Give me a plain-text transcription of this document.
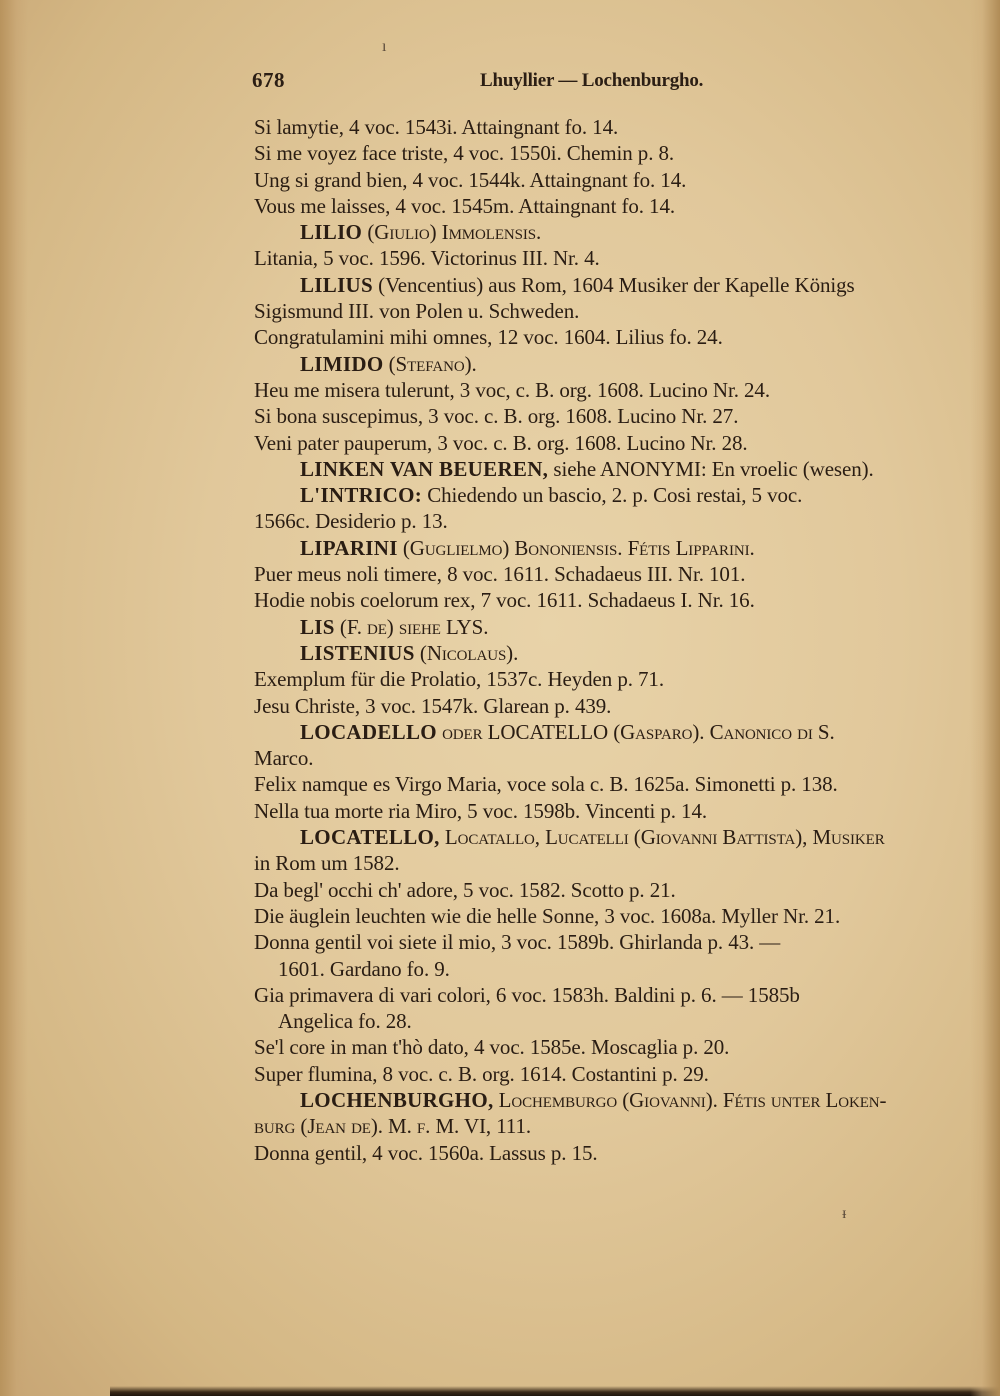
ı
678	Lhuyllier — Lochenburgho.
Si lamytie, 4 voc. 1543i. Attaingnant fo. 14.
Si me voyez face triste, 4 voc. 1550i. Chemin p. 8.
Ung si grand bien, 4 voc. 1544k. Attaingnant fo. 14.
Vous me laisses, 4 voc. 1545m. Attaingnant fo. 14.
LILIO (Giulio) Immolensis.
Litania, 5 voc. 1596. Victorinus III. Nr. 4.
LILIUS (Vencentius) aus Rom, 1604 Musiker der Kapelle Königs
Sigismund III. von Polen u. Schweden.
Congratulamini mihi omnes, 12 voc. 1604. Lilius fo. 24.
LIMIDO (Stefano).
Heu me misera tulerunt, 3 voc, c. B. org. 1608. Lucino Nr. 24.
Si bona suscepimus, 3 voc. c. B. org. 1608. Lucino Nr. 27.
Veni pater pauperum, 3 voc. c. B. org. 1608. Lucino Nr. 28.
LINKEN VAN BEUEREN, siehe ANONYMI: En vroelic (wesen).
L'INTRICO: Chiedendo un bascio, 2. p. Cosi restai, 5 voc.
1566c. Desiderio p. 13.
LIPARINI (Guglielmo) Bononiensis. Fétis Lipparini.
Puer meus noli timere, 8 voc. 1611. Schadaeus III. Nr. 101.
Hodie nobis coelorum rex, 7 voc. 1611. Schadaeus I. Nr. 16.
LIS (F. de) siehe LYS.
LISTENIUS (Nicolaus).
Exemplum für die Prolatio, 1537c. Heyden p. 71.
Jesu Christe, 3 voc. 1547k. Glarean p. 439.
LOCADELLO oder LOCATELLO (Gasparo). Canonico di S.
Marco.
Felix namque es Virgo Maria, voce sola c. B. 1625a. Simonetti p. 138.
Nella tua morte ria Miro, 5 voc. 1598b. Vincenti p. 14.
LOCATELLO, Locatallo, Lucatelli (Giovanni Battista), Musiker
in Rom um 1582.
Da begl' occhi ch' adore, 5 voc. 1582. Scotto p. 21.
Die äuglein leuchten wie die helle Sonne, 3 voc. 1608a. Myller Nr. 21.
Donna gentil voi siete il mio, 3 voc. 1589b. Ghirlanda p. 43. —
1601. Gardano fo. 9.
Gia primavera di vari colori, 6 voc. 1583h. Baldini p. 6. — 1585b
Angelica fo. 28.
Se'l core in man t'hò dato, 4 voc. 1585e. Moscaglia p. 20.
Super flumina, 8 voc. c. B. org. 1614. Costantini p. 29.
LOCHENBURGHO, Lochemburgo (Giovanni). Fétis unter Loken-
burg (Jean de). M. f. M. VI, 111.
Donna gentil, 4 voc. 1560a. Lassus p. 15.
ᵻ
